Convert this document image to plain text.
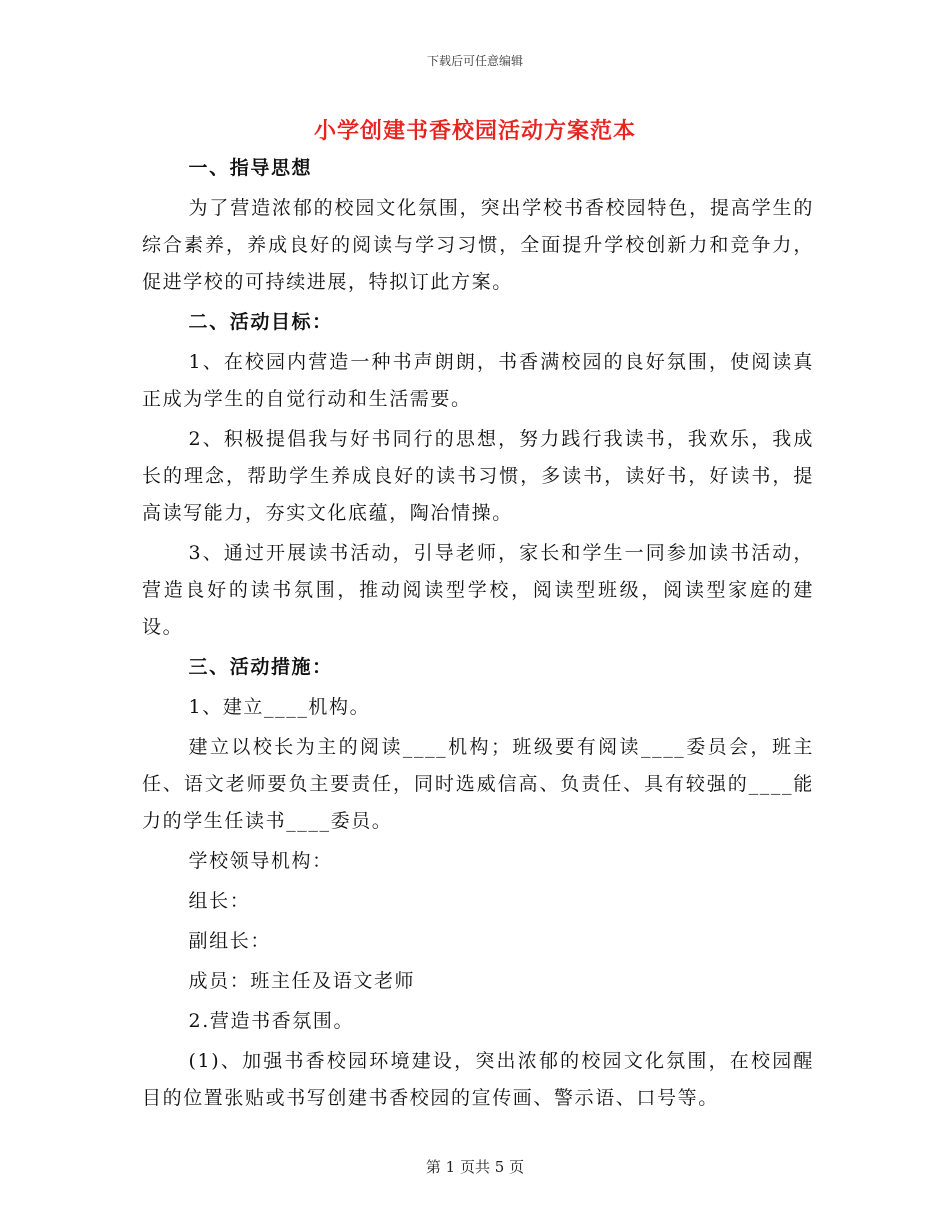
下载后可任意编辑
小学创建书香校园活动方案范本

一、指导思想

为了营造浓郁的校园文化氛围，突出学校书香校园特色，提高学生的综合素养，养成良好的阅读与学习习惯，全面提升学校创新力和竞争力，促进学校的可持续进展，特拟订此方案。

二、活动目标：

1、在校园内营造一种书声朗朗，书香满校园的良好氛围，使阅读真正成为学生的自觉行动和生活需要。

2、积极提倡我与好书同行的思想，努力践行我读书，我欢乐，我成长的理念，帮助学生养成良好的读书习惯，多读书，读好书，好读书，提高读写能力，夯实文化底蕴，陶冶情操。

3、通过开展读书活动，引导老师，家长和学生一同参加读书活动，营造良好的读书氛围，推动阅读型学校，阅读型班级，阅读型家庭的建设。

三、活动措施：

1、建立____机构。

建立以校长为主的阅读____机构；班级要有阅读____委员会，班主任、语文老师要负主要责任，同时选威信高、负责任、具有较强的____能力的学生任读书____委员。

学校领导机构：

组长：

副组长：

成员：班主任及语文老师

2.营造书香氛围。

(1)、加强书香校园环境建设，突出浓郁的校园文化氛围，在校园醒目的位置张贴或书写创建书香校园的宣传画、警示语、口号等。

第 1 页共 5 页
